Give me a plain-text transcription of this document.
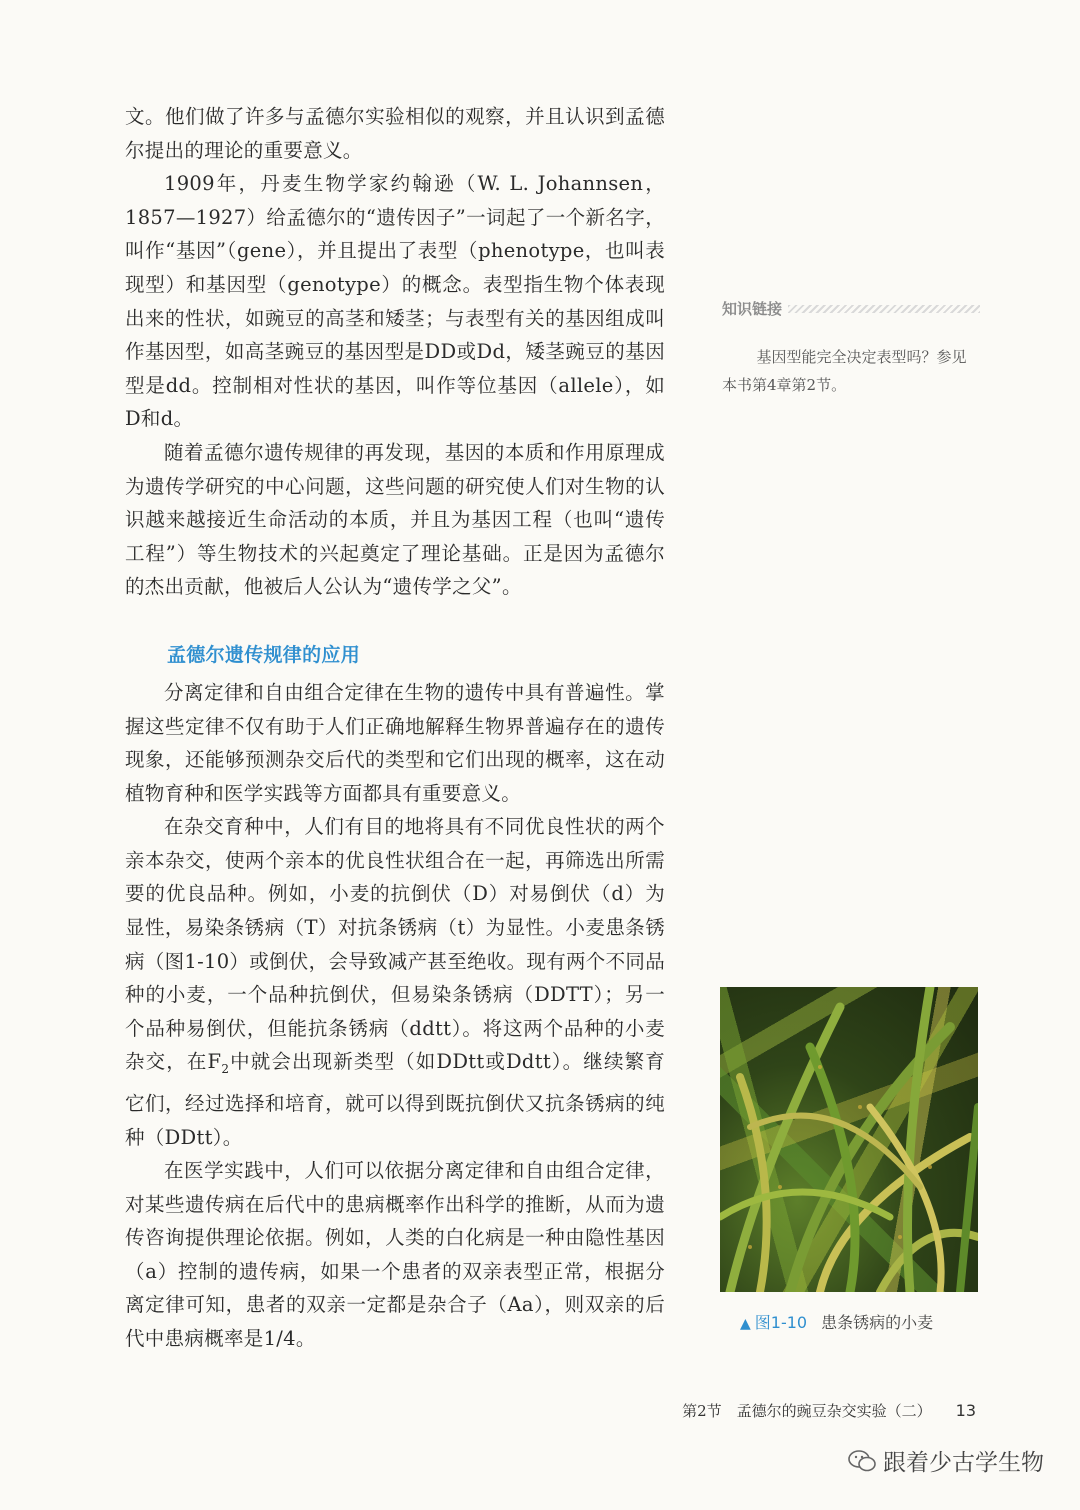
文。他们做了许多与孟德尔实验相似的观察，并且认识到孟德尔提出的理论的重要意义。

1909年，丹麦生物学家约翰逊（W. L. Johannsen，1857—1927）给孟德尔的“遗传因子”一词起了一个新名字，叫作“基因”（gene），并且提出了表型（phenotype，也叫表现型）和基因型（genotype）的概念。表型指生物个体表现出来的性状，如豌豆的高茎和矮茎；与表型有关的基因组成叫作基因型，如高茎豌豆的基因型是DD或Dd，矮茎豌豆的基因型是dd。控制相对性状的基因，叫作等位基因（allele），如D和d。

随着孟德尔遗传规律的再发现，基因的本质和作用原理成为遗传学研究的中心问题，这些问题的研究使人们对生物的认识越来越接近生命活动的本质，并且为基因工程（也叫“遗传工程”）等生物技术的兴起奠定了理论基础。正是因为孟德尔的杰出贡献，他被后人公认为“遗传学之父”。

孟德尔遗传规律的应用

分离定律和自由组合定律在生物的遗传中具有普遍性。掌握这些定律不仅有助于人们正确地解释生物界普遍存在的遗传现象，还能够预测杂交后代的类型和它们出现的概率，这在动植物育种和医学实践等方面都具有重要意义。

在杂交育种中，人们有目的地将具有不同优良性状的两个亲本杂交，使两个亲本的优良性状组合在一起，再筛选出所需要的优良品种。例如，小麦的抗倒伏（D）对易倒伏（d）为显性，易染条锈病（T）对抗条锈病（t）为显性。小麦患条锈病（图1-10）或倒伏，会导致减产甚至绝收。现有两个不同品种的小麦，一个品种抗倒伏，但易染条锈病（DDTT）；另一个品种易倒伏，但能抗条锈病（ddtt）。将这两个品种的小麦杂交，在$F_2$中就会出现新类型（如DDtt或Ddtt）。继续繁育它们，经过选择和培育，就可以得到既抗倒伏又抗条锈病的纯种（DDtt）。

在医学实践中，人们可以依据分离定律和自由组合定律，对某些遗传病在后代中的患病概率作出科学的推断，从而为遗传咨询提供理论依据。例如，人类的白化病是一种由隐性基因（a）控制的遗传病，如果一个患者的双亲表型正常，根据分离定律可知，患者的双亲一定都是杂合子（Aa），则双亲的后代中患病概率是1/4。

知识链接
基因型能完全决定表型吗？参见本书第4章第2节。
▲ 图1-10 患条锈病的小麦
第2节　孟德尔的豌豆杂交实验（二） 13
跟着少古学生物
